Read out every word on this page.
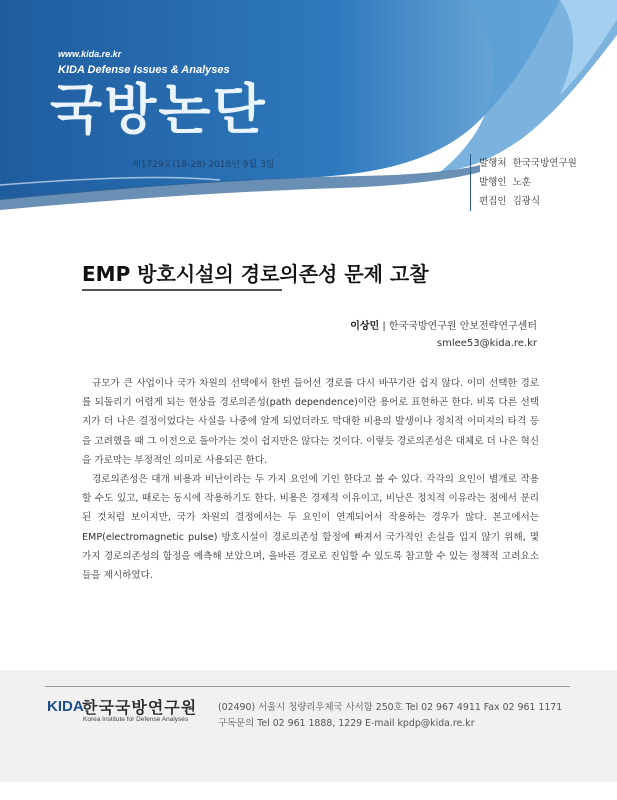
www.kida.re.kr
KIDA Defense Issues & Analyses
국방논단
제1729호(18-28) 2018년 9월 3일	발행처 한국국방연구원
발행인 노훈
편집인 김광식
EMP 방호시설의 경로의존성 문제 고찰
이상민 | 한국국방연구원 안보전략연구센터
smlee53@kida.re.kr

규모가 큰 사업이나 국가 차원의 선택에서 한번 들어선 경로를 다시 바꾸기란 쉽지 않다. 이미 선택한 경로를 되돌리기 어렵게 되는 현상을 경로의존성(path dependence)이란 용어로 표현하곤 한다. 비록 다른 선택지가 더 나은 결정이었다는 사실을 나중에 알게 되었더라도 막대한 비용의 발생이나 정치적 이미지의 타격 등을 고려했을 때 그 이전으로 돌아가는 것이 쉽지만은 않다는 것이다. 이렇듯 경로의존성은 대체로 더 나은 혁신을 가로막는 부정적인 의미로 사용되곤 한다.

경로의존성은 대개 비용과 비난이라는 두 가지 요인에 기인 한다고 볼 수 있다. 각각의 요인이 별개로 작용할 수도 있고, 때로는 동시에 작용하기도 한다. 비용은 경제적 이유이고, 비난은 정치적 이유라는 점에서 분리된 것처럼 보이지만, 국가 차원의 결정에서는 두 요인이 연계되어서 작용하는 경우가 많다. 본고에서는 EMP(electromagnetic pulse) 방호시설이 경로의존성 함정에 빠져서 국가적인 손실을 입지 않기 위해, 몇 가지 경로의존성의 함정을 예측해 보았으며, 올바른 경로로 진입할 수 있도록 참고할 수 있는 정책적 고려요소들을 제시하였다.

KIDA
한국국방연구원
Korea Institute for Defense Analyses
(02490) 서울시 청량리우체국 사서함 250호 Tel 02 967 4911 Fax 02 961 1171
구독문의 Tel 02 961 1888, 1229 E-mail kpdp@kida.re.kr
